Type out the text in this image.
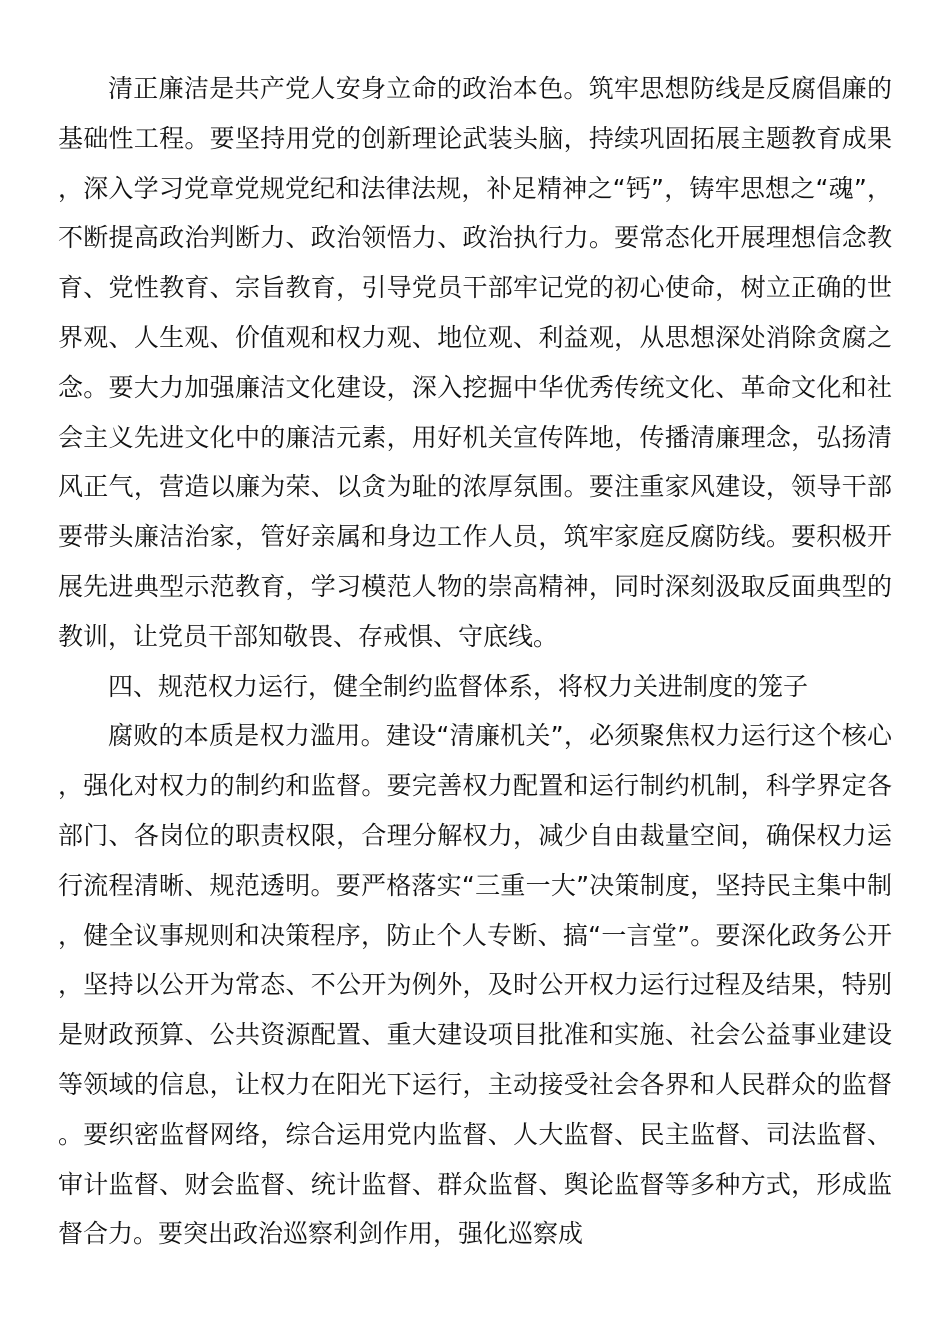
清正廉洁是共产党人安身立命的政治本色。筑牢思想防线是反腐倡廉的基础性工程。要坚持用党的创新理论武装头脑，持续巩固拓展主题教育成果，深入学习党章党规党纪和法律法规，补足精神之“钙”，铸牢思想之“魂”，不断提高政治判断力、政治领悟力、政治执行力。要常态化开展理想信念教育、党性教育、宗旨教育，引导党员干部牢记党的初心使命，树立正确的世界观、人生观、价值观和权力观、地位观、利益观，从思想深处消除贪腐之念。要大力加强廉洁文化建设，深入挖掘中华优秀传统文化、革命文化和社会主义先进文化中的廉洁元素，用好机关宣传阵地，传播清廉理念，弘扬清风正气，营造以廉为荣、以贪为耻的浓厚氛围。要注重家风建设，领导干部要带头廉洁治家，管好亲属和身边工作人员，筑牢家庭反腐防线。要积极开展先进典型示范教育，学习模范人物的崇高精神，同时深刻汲取反面典型的教训，让党员干部知敬畏、存戒惧、守底线。

四、规范权力运行，健全制约监督体系，将权力关进制度的笼子

腐败的本质是权力滥用。建设“清廉机关”，必须聚焦权力运行这个核心，强化对权力的制约和监督。要完善权力配置和运行制约机制，科学界定各部门、各岗位的职责权限，合理分解权力，减少自由裁量空间，确保权力运行流程清晰、规范透明。要严格落实“三重一大”决策制度，坚持民主集中制，健全议事规则和决策程序，防止个人专断、搞“一言堂”。要深化政务公开，坚持以公开为常态、不公开为例外，及时公开权力运行过程及结果，特别是财政预算、公共资源配置、重大建设项目批准和实施、社会公益事业建设等领域的信息，让权力在阳光下运行，主动接受社会各界和人民群众的监督。要织密监督网络，综合运用党内监督、人大监督、民主监督、司法监督、审计监督、财会监督、统计监督、群众监督、舆论监督等多种方式，形成监督合力。要突出政治巡察利剑作用，强化巡察成
